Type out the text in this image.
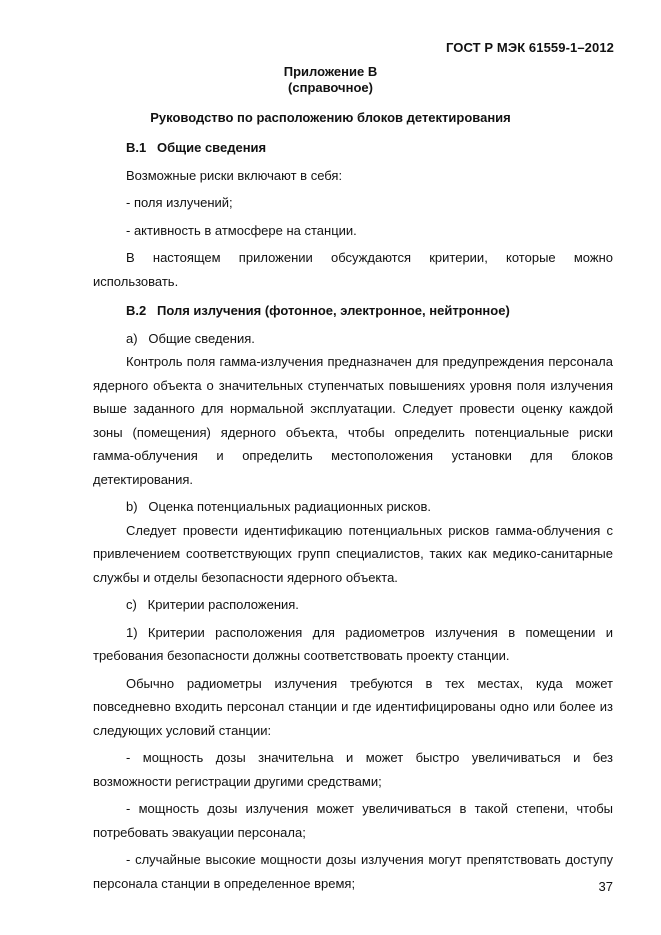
ГОСТ Р МЭК 61559-1–2012
Приложение В
(справочное)
Руководство по расположению блоков детектирования

В.1 Общие сведения

Возможные риски включают в себя:

- поля излучений;

- активность в атмосфере на станции.

В настоящем приложении обсуждаются критерии, которые можно использовать.

В.2 Поля излучения (фотонное, электронное, нейтронное)

а)   Общие сведения.

Контроль поля гамма-излучения предназначен для предупреждения персонала ядерного объекта о значительных ступенчатых повышениях уровня поля излучения выше заданного для нормальной эксплуатации. Следует провести оценку каждой зоны (помещения) ядерного объекта, чтобы определить потенциальные риски гамма-облучения и определить местоположения установки для блоков детектирования.

b)   Оценка потенциальных радиационных рисков.

Следует провести идентификацию потенциальных рисков гамма-облучения с привлечением соответствующих групп специалистов, таких как медико-санитарные службы и отделы безопасности ядерного объекта.

с)   Критерии расположения.

1) Критерии расположения для радиометров излучения в помещении и требования безопасности должны соответствовать проекту станции.

Обычно радиометры излучения требуются в тех местах, куда может повседневно входить персонал станции и где идентифицированы одно или более из следующих условий станции:

- мощность дозы значительна и может быстро увеличиваться и без возможности регистрации другими средствами;

- мощность дозы излучения может увеличиваться в такой степени, чтобы потребовать эвакуации персонала;

- случайные высокие мощности дозы излучения могут препятствовать доступу персонала станции в определенное время;	37
